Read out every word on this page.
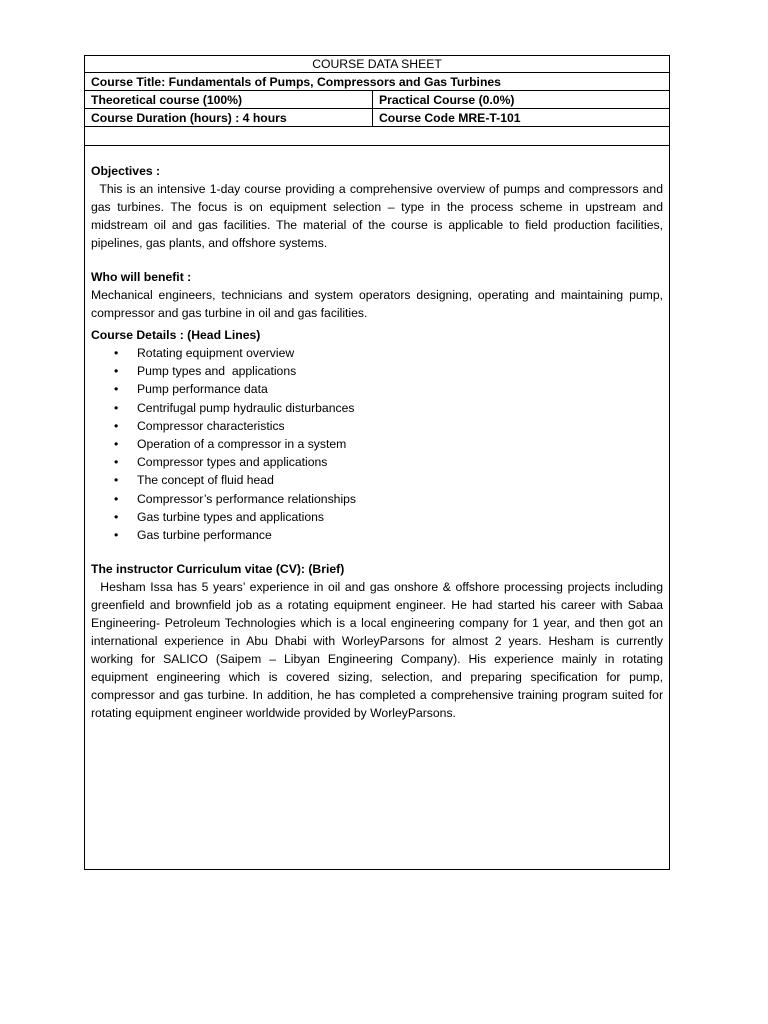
COURSE DATA SHEET
Course Title: Fundamentals of Pumps, Compressors and Gas Turbines
Theoretical course (100%)	Practical Course (0.0%)
Course Duration (hours) : 4 hours	Course Code MRE-T-101
Objectives :
This is an intensive 1-day course providing a comprehensive overview of pumps and compressors and gas turbines. The focus is on equipment selection – type in the process scheme in upstream and midstream oil and gas facilities. The material of the course is applicable to field production facilities, pipelines, gas plants, and offshore systems.
Who will benefit :
Mechanical engineers, technicians and system operators designing, operating and maintaining pump, compressor and gas turbine in oil and gas facilities.
Course Details : (Head Lines)
• Rotating equipment overview
• Pump types and  applications
• Pump performance data
• Centrifugal pump hydraulic disturbances
• Compressor characteristics
• Operation of a compressor in a system
• Compressor types and applications
• The concept of fluid head
• Compressor’s performance relationships
• Gas turbine types and applications
• Gas turbine performance
The instructor Curriculum vitae (CV): (Brief)
Hesham Issa has 5 years’ experience in oil and gas onshore & offshore processing projects including greenfield and brownfield job as a rotating equipment engineer. He had started his career with Sabaa Engineering- Petroleum Technologies which is a local engineering company for 1 year, and then got an international experience in Abu Dhabi with WorleyParsons for almost 2 years. Hesham is currently working for SALICO (Saipem – Libyan Engineering Company). His experience mainly in rotating equipment engineering which is covered sizing, selection, and preparing specification for pump, compressor and gas turbine. In addition, he has completed a comprehensive training program suited for rotating equipment engineer worldwide provided by WorleyParsons.
